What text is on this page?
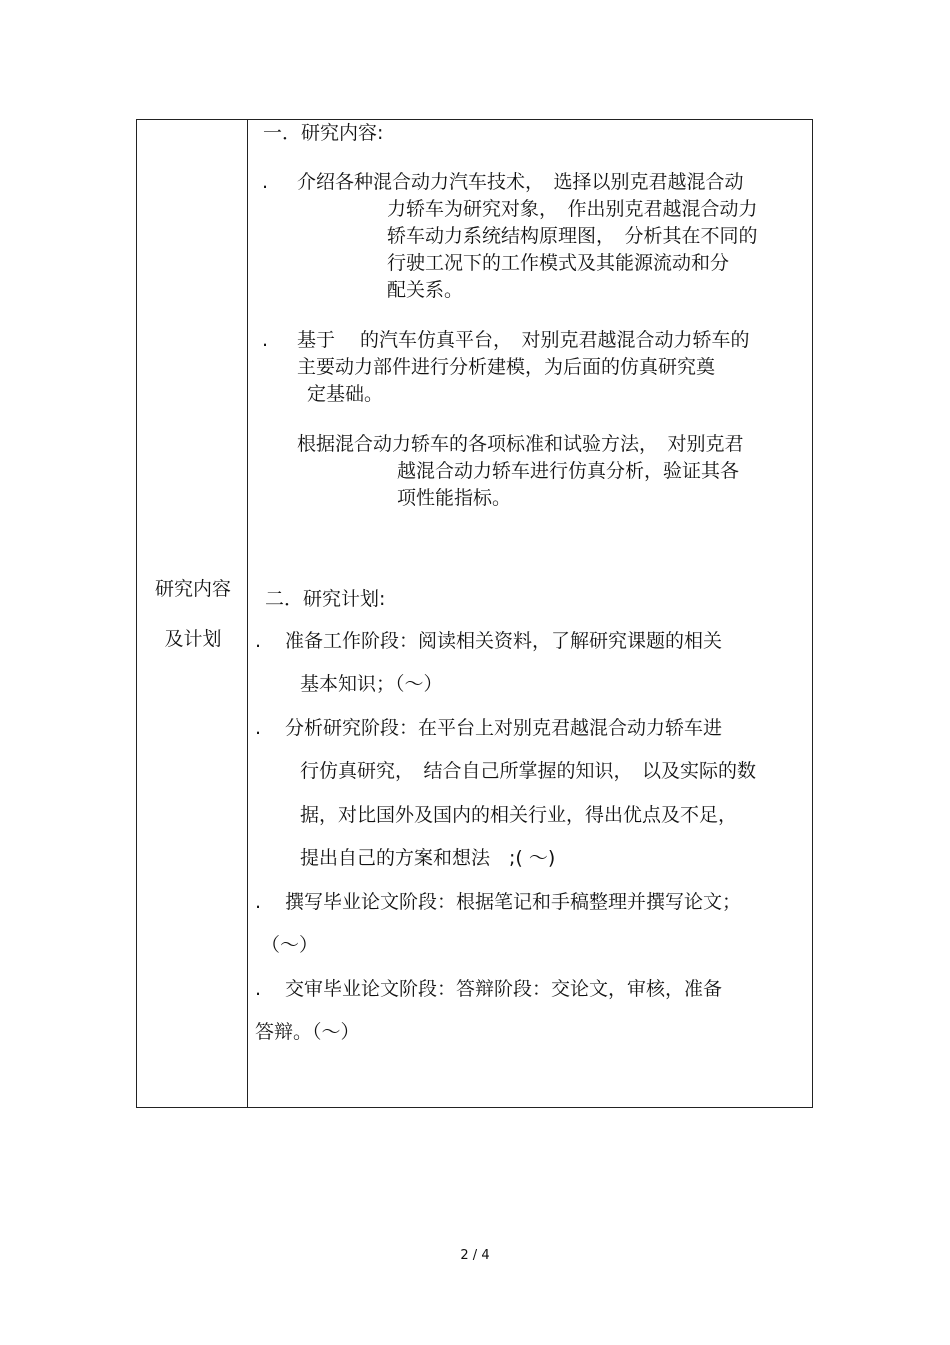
研究内容
及计划
一．研究内容:
. 介绍各种混合动力汽车技术，　选择以别克君越混合动
力轿车为研究对象，　作出别克君越混合动力
轿车动力系统结构原理图，　分析其在不同的
行驶工况下的工作模式及其能源流动和分
配关系。
. 基于　 的汽车仿真平台，　对别克君越混合动力轿车的
主要动力部件进行分析建模，为后面的仿真研究奠
定基础。
根据混合动力轿车的各项标准和试验方法，　对别克君
越混合动力轿车进行仿真分析，验证其各
项性能指标。
二．研究计划:
. 准备工作阶段：阅读相关资料，了解研究课题的相关
基本知识；（～）
. 分析研究阶段：在平台上对别克君越混合动力轿车进
行仿真研究，　结合自己所掌握的知识，　以及实际的数
据，对比国外及国内的相关行业，得出优点及不足，
提出自己的方案和想法　;( ～)
. 撰写毕业论文阶段：根据笔记和手稿整理并撰写论文；
（～）
. 交审毕业论文阶段：答辩阶段：交论文，审核，准备
答辩。（～）
2 / 4
